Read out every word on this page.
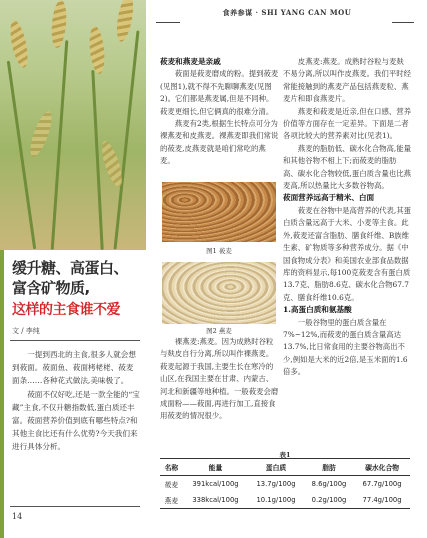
缓升糖、高蛋白、
富含矿物质,
这样的主食谁不爱
文 / 李纯

一提到西北的主食,很多人就会想到莜面。莜面鱼、莜面栲栳栳、莜麦面条……各种花式做法,美味极了。

莜面不仅好吃,还是一款全能的“宝藏”主食,不仅升糖指数低,蛋白质还丰富。莜面营养价值到底有哪些特点?和其他主食比还有什么优势?今天我们来进行具体分析。

14
食养参谋 · SHI YANG CAN MOU
莜麦和燕麦是亲戚

莜面是莜麦磨成的粉。提到莜麦(见图1),就不得不先聊聊燕麦(见图2)。它们都是燕麦属,但是不同种。莜麦更细长,但它俩真的很难分清。

燕麦有2类,根据生长特点可分为裸燕麦和皮燕麦。裸燕麦即我们常说的莜麦,皮燕麦就是咱们常吃的燕麦。

图1 莜麦
图2 燕麦

裸燕麦:燕麦。因为成熟时谷粒与麸皮自行分离,所以叫作裸燕麦。莜麦起源于我国,主要生长在寒冷的山区,在我国主要在甘肃、内蒙古、河北和新疆等地种植。一般莜麦会磨成面粉——莜面,再进行加工,直接食用莜麦的情况很少。

皮燕麦:燕麦。成熟时谷粒与麦麸不易分离,所以叫作皮燕麦。我们平时经常能接触到的燕麦产品包括燕麦粒、燕麦片和即食燕麦片。

燕麦和莜麦是近亲,但在口感、营养价值等方面存在一定差异。下面是二者各项比较大的营养素对比(见表1)。

燕麦的脂肪低、碳水化合物高,能量和其他谷物不相上下;而莜麦的脂肪高、碳水化合物较低,蛋白质含量也比燕麦高,所以热量比大多数谷物高。

莜面营养远高于精米、白面

莜麦在谷物中是高营养的代表,其蛋白质含量远高于大米、小麦等主食。此外,莜麦还富含脂肪、膳食纤维、B族维生素、矿物质等多种营养成分。据《中国食物成分表》和美国农业部食品数据库的资料显示,每100克莜麦含有蛋白质13.7克、脂肪8.6克、碳水化合物67.7克、膳食纤维10.6克。

1.高蛋白质和氨基酸

一般谷物里的蛋白质含量在7%~12%,而莜麦的蛋白质含量高达13.7%,比日常食用的主要谷物高出不少,例如是大米的近2倍,是玉米面的1.6倍多。

表1
名称	能量	蛋白质	脂肪	碳水化合物
莜麦	391kcal/100g	13.7g/100g	8.6g/100g	67.7g/100g
燕麦	338kcal/100g	10.1g/100g	0.2g/100g	77.4g/100g
